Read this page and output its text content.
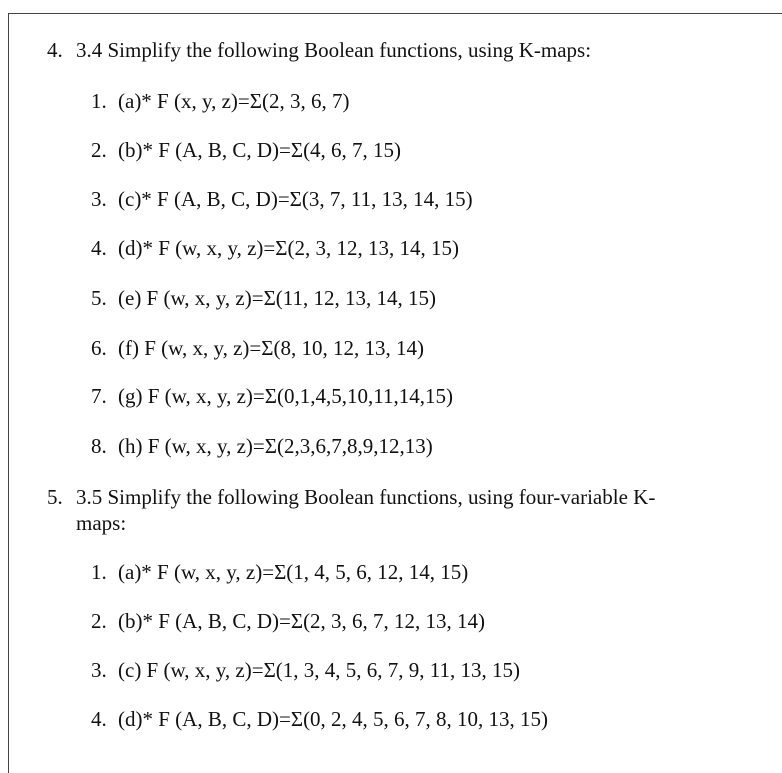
4. 3.4 Simplify the following Boolean functions, using K-maps:
1. (a)* F (x, y, z)=Σ(2, 3, 6, 7)
2. (b)* F (A, B, C, D)=Σ(4, 6, 7, 15)
3. (c)* F (A, B, C, D)=Σ(3, 7, 11, 13, 14, 15)
4. (d)* F (w, x, y, z)=Σ(2, 3, 12, 13, 14, 15)
5. (e) F (w, x, y, z)=Σ(11, 12, 13, 14, 15)
6. (f) F (w, x, y, z)=Σ(8, 10, 12, 13, 14)
7. (g) F (w, x, y, z)=Σ(0,1,4,5,10,11,14,15)
8. (h) F (w, x, y, z)=Σ(2,3,6,7,8,9,12,13)
5. 3.5 Simplify the following Boolean functions, using four-variable K-
maps:
1. (a)* F (w, x, y, z)=Σ(1, 4, 5, 6, 12, 14, 15)
2. (b)* F (A, B, C, D)=Σ(2, 3, 6, 7, 12, 13, 14)
3. (c) F (w, x, y, z)=Σ(1, 3, 4, 5, 6, 7, 9, 11, 13, 15)
4. (d)* F (A, B, C, D)=Σ(0, 2, 4, 5, 6, 7, 8, 10, 13, 15)
